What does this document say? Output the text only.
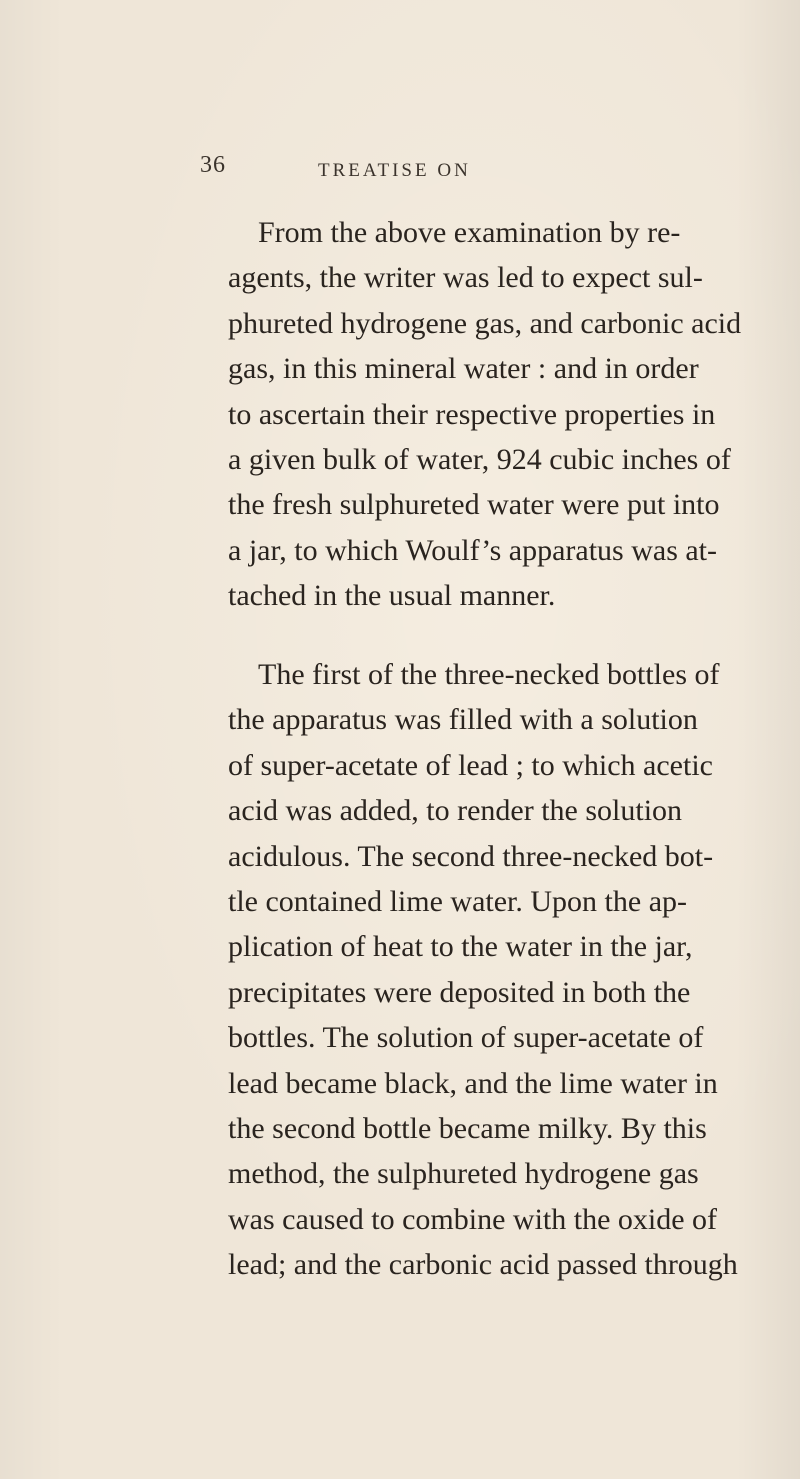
36	TREATISE ON

From the above examination by re-
agents, the writer was led to expect sul-
phureted hydrogene gas, and carbonic acid
gas, in this mineral water : and in order
to ascertain their respective properties in
a given bulk of water, 924 cubic inches of
the fresh sulphureted water were put into
a jar, to which Woulf’s apparatus was at-
tached in the usual manner.

The first of the three-necked bottles of
the apparatus was filled with a solution
of super-acetate of lead ; to which acetic
acid was added, to render the solution
acidulous. The second three-necked bot-
tle contained lime water. Upon the ap-
plication of heat to the water in the jar,
precipitates were deposited in both the
bottles. The solution of super-acetate of
lead became black, and the lime water in
the second bottle became milky. By this
method, the sulphureted hydrogene gas
was caused to combine with the oxide of
lead; and the carbonic acid passed through
